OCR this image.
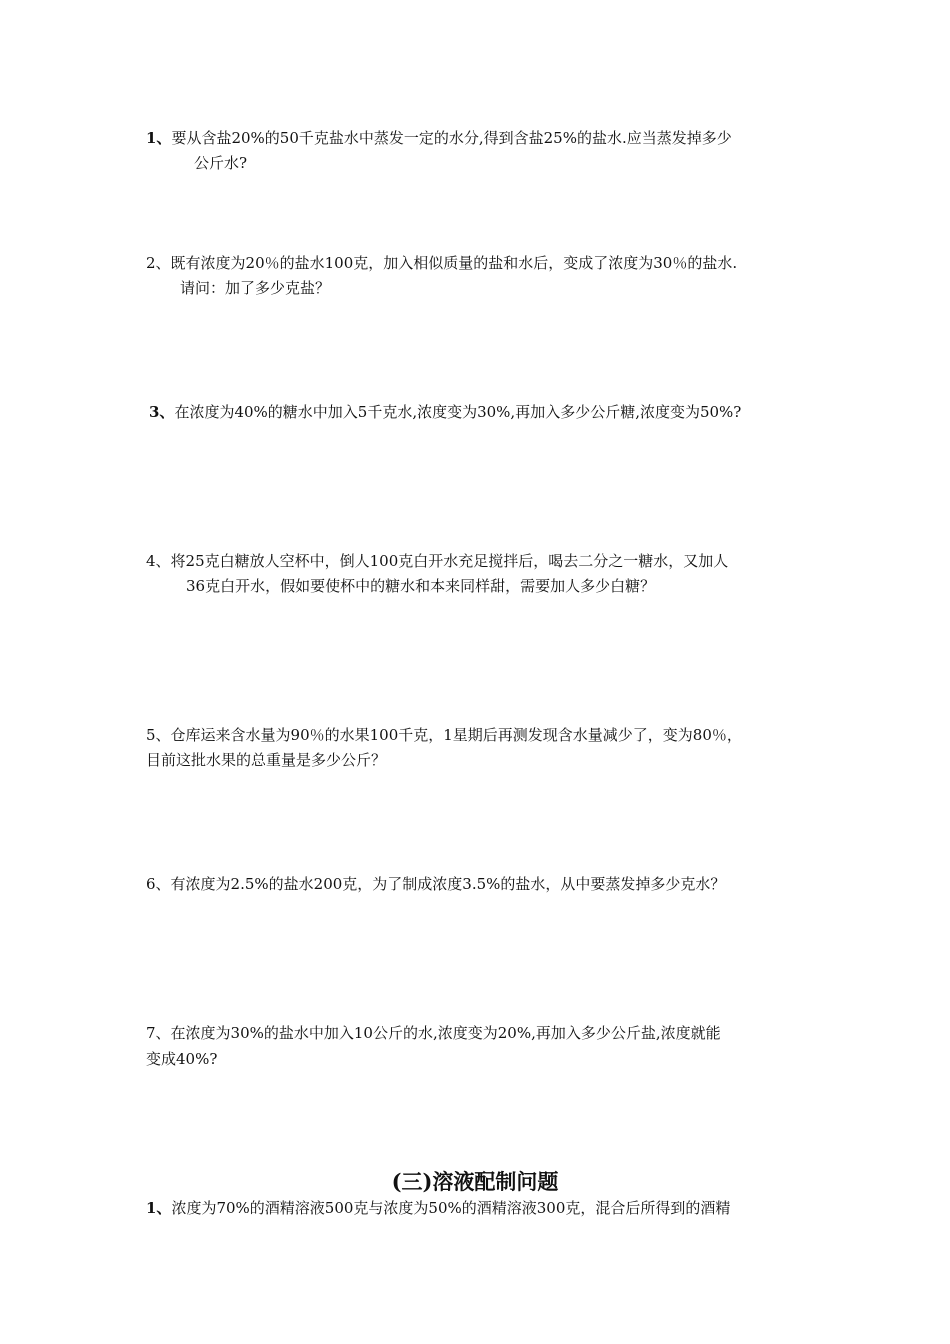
1、要从含盐20%的50千克盐水中蒸发一定的水分,得到含盐25%的盐水.应当蒸发掉多少
公斤水?
2、既有浓度为20％的盐水100克，加入相似质量的盐和水后，变成了浓度为30％的盐水.
请问：加了多少克盐？
3、在浓度为40%的糖水中加入5千克水,浓度变为30%,再加入多少公斤糖,浓度变为50%?
4、将25克白糖放人空杯中，倒人100克白开水充足搅拌后，喝去二分之一糖水，又加人
36克白开水，假如要使杯中的糖水和本来同样甜，需要加人多少白糖？
5、仓库运来含水量为90％的水果100千克，1星期后再测发现含水量减少了，变为80％，
目前这批水果的总重量是多少公斤？
6、有浓度为2.5%的盐水200克，为了制成浓度3.5%的盐水，从中要蒸发掉多少克水？
7、在浓度为30%的盐水中加入10公斤的水,浓度变为20%,再加入多少公斤盐,浓度就能
变成40%?
(三)溶液配制问题
1、浓度为70%的酒精溶液500克与浓度为50%的酒精溶液300克，混合后所得到的酒精
